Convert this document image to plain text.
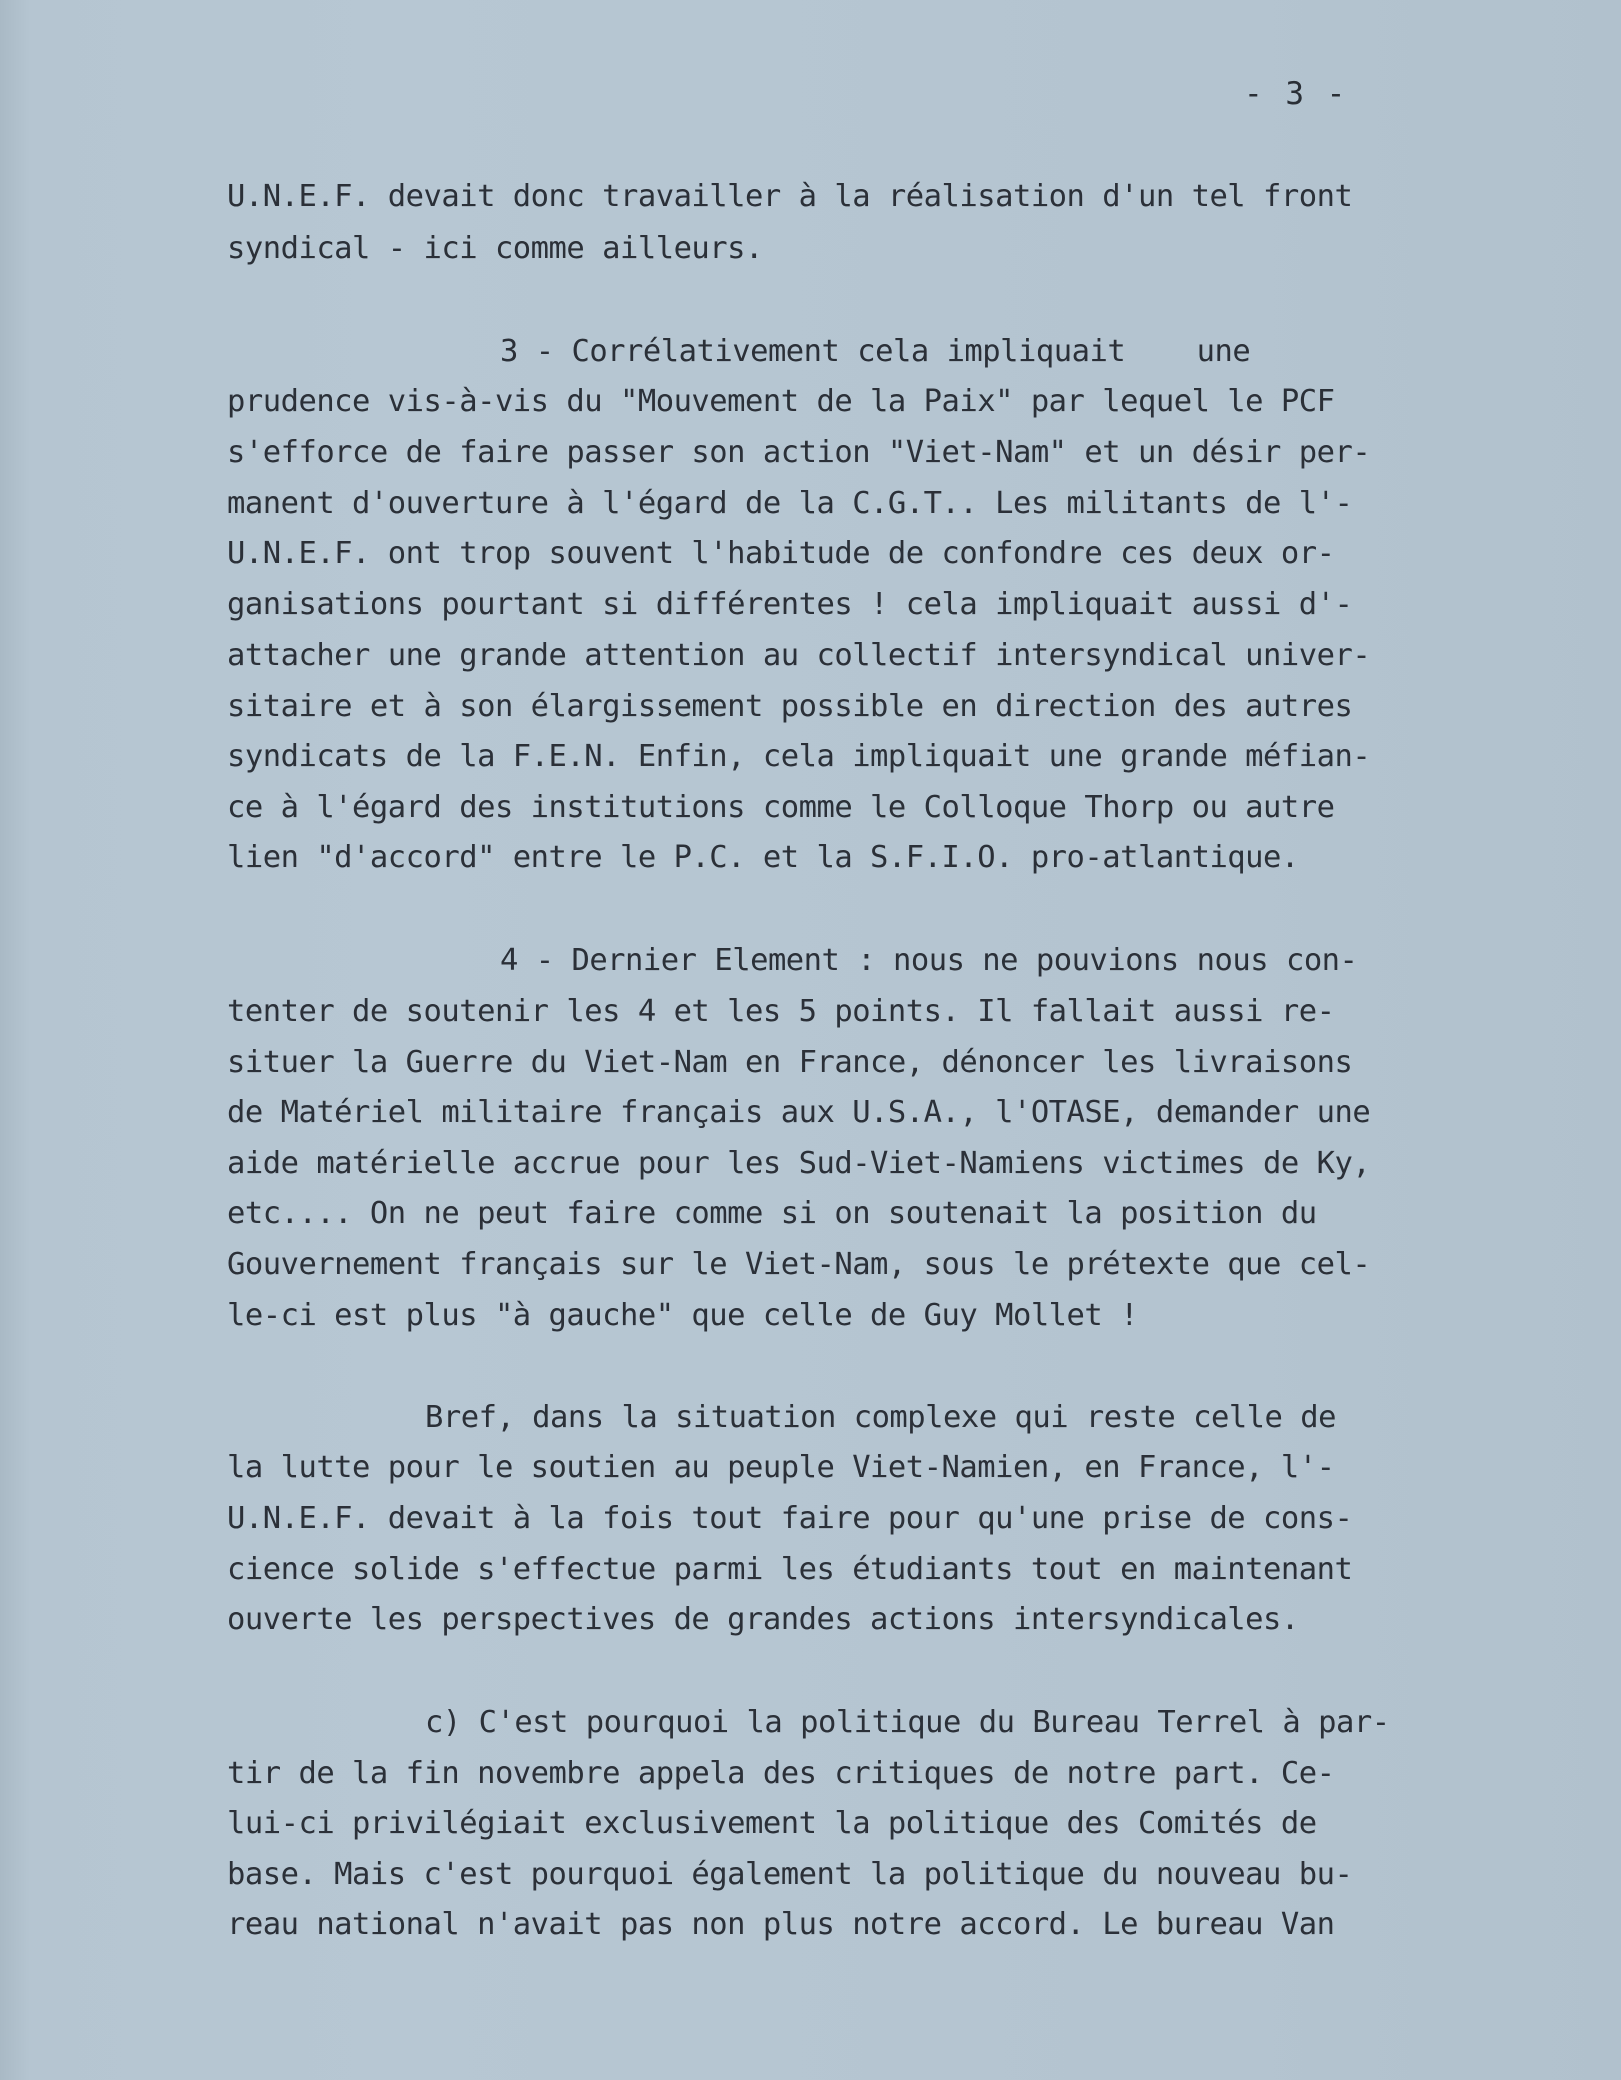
- 3 -
U.N.E.F. devait donc travailler à la réalisation d'un tel front
syndical - ici comme ailleurs.
3 - Corrélativement cela impliquait    une
prudence vis-à-vis du "Mouvement de la Paix" par lequel le PCF
s'efforce de faire passer son action "Viet-Nam" et un désir per-
manent d'ouverture à l'égard de la C.G.T.. Les militants de l'-
U.N.E.F. ont trop souvent l'habitude de confondre ces deux or-
ganisations pourtant si différentes ! cela impliquait aussi d'-
attacher une grande attention au collectif intersyndical univer-
sitaire et à son élargissement possible en direction des autres
syndicats de la F.E.N. Enfin, cela impliquait une grande méfian-
ce à l'égard des institutions comme le Colloque Thorp ou autre
lien "d'accord" entre le P.C. et la S.F.I.O. pro-atlantique.
4 - Dernier Element : nous ne pouvions nous con-
tenter de soutenir les 4 et les 5 points. Il fallait aussi re-
situer la Guerre du Viet-Nam en France, dénoncer les livraisons
de Matériel militaire français aux U.S.A., l'OTASE, demander une
aide matérielle accrue pour les Sud-Viet-Namiens victimes de Ky,
etc.... On ne peut faire comme si on soutenait la position du
Gouvernement français sur le Viet-Nam, sous le prétexte que cel-
le-ci est plus "à gauche" que celle de Guy Mollet !
Bref, dans la situation complexe qui reste celle de
la lutte pour le soutien au peuple Viet-Namien, en France, l'-
U.N.E.F. devait à la fois tout faire pour qu'une prise de cons-
cience solide s'effectue parmi les étudiants tout en maintenant
ouverte les perspectives de grandes actions intersyndicales.
c) C'est pourquoi la politique du Bureau Terrel à par-
tir de la fin novembre appela des critiques de notre part. Ce-
lui-ci privilégiait exclusivement la politique des Comités de
base. Mais c'est pourquoi également la politique du nouveau bu-
reau national n'avait pas non plus notre accord. Le bureau Van
